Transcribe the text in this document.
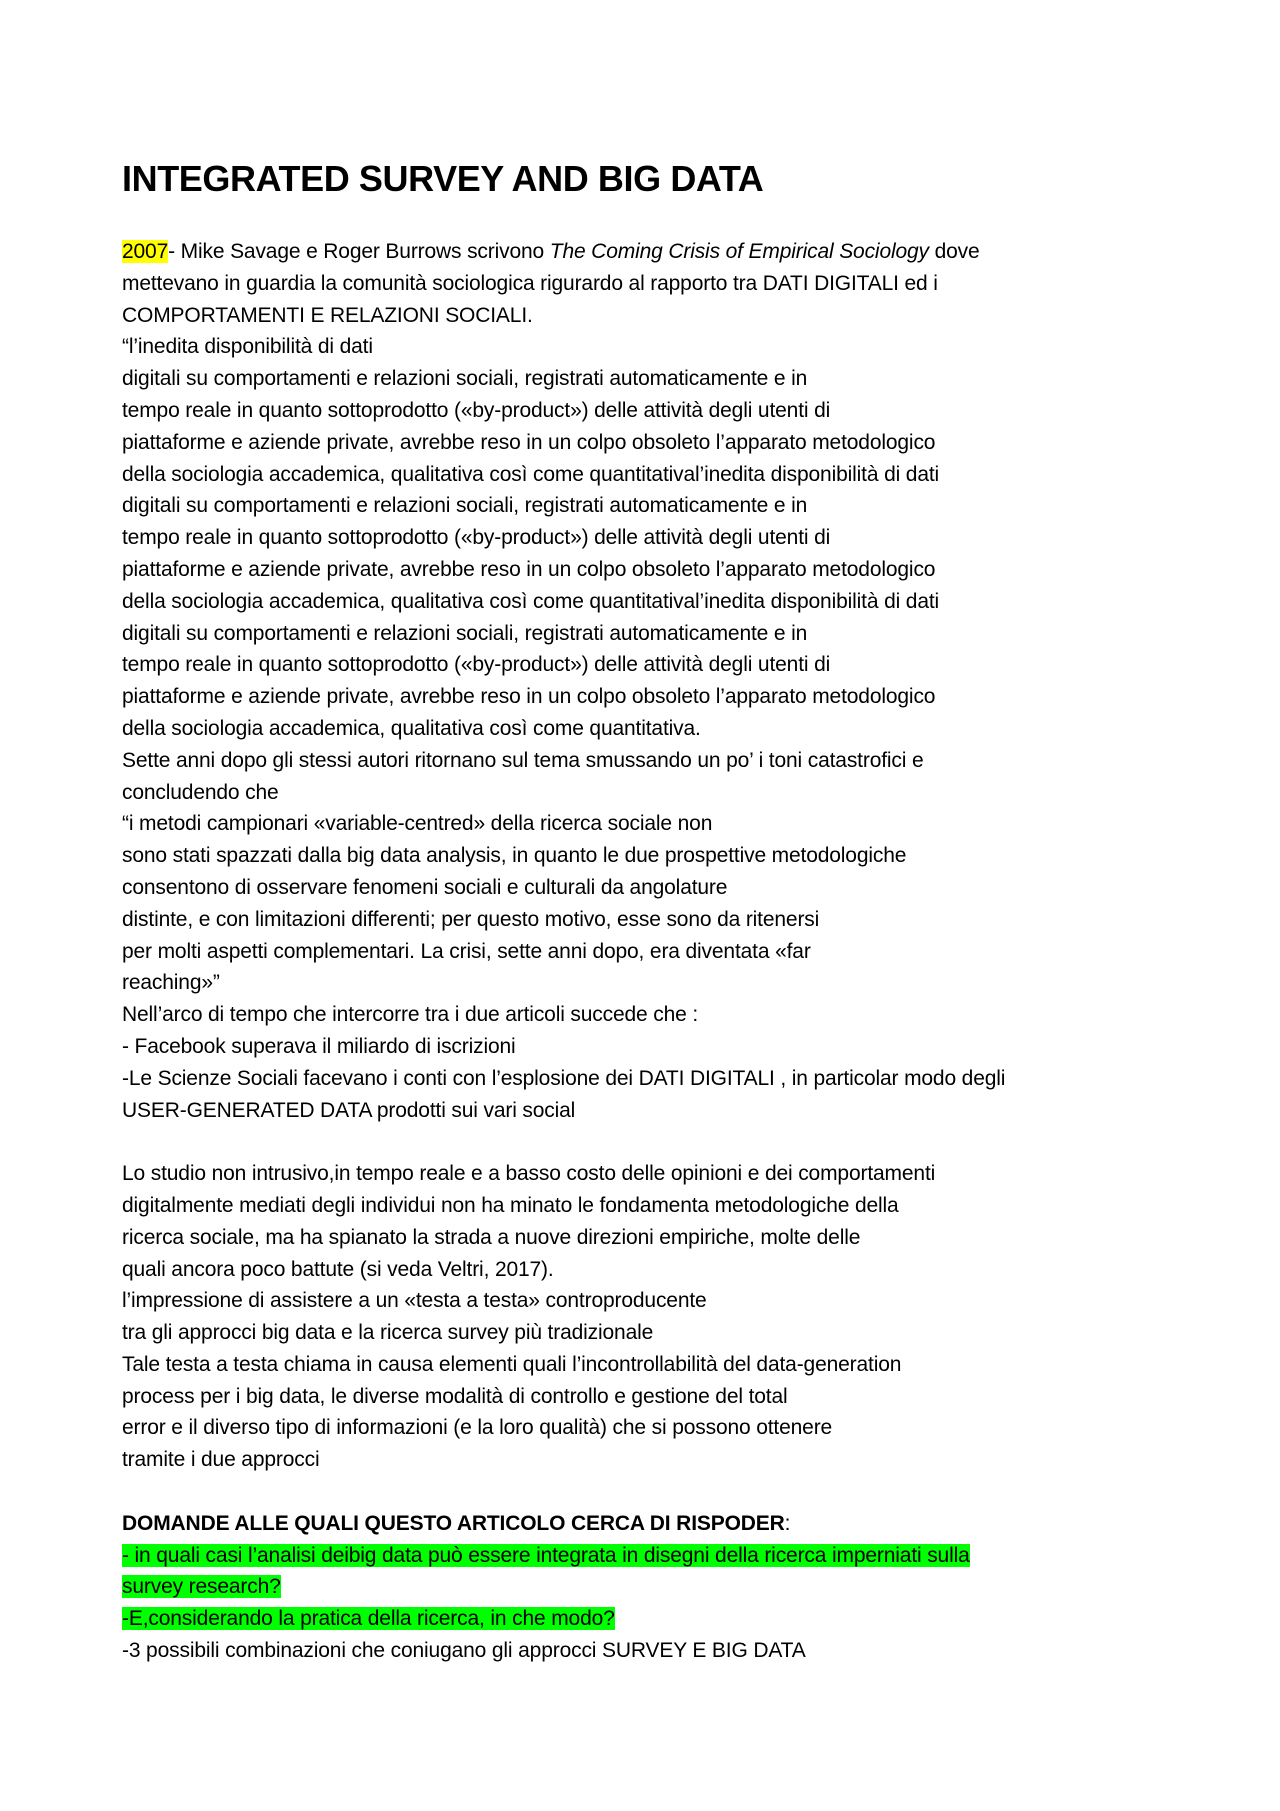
INTEGRATED SURVEY AND BIG DATA
2007- Mike Savage e Roger Burrows scrivono The Coming Crisis of Empirical Sociology dove
mettevano in guardia la comunità sociologica rigurardo al rapporto tra DATI DIGITALI ed i
COMPORTAMENTI E RELAZIONI SOCIALI.
“l’inedita disponibilità di dati
digitali su comportamenti e relazioni sociali, registrati automaticamente e in
tempo reale in quanto sottoprodotto («by-product») delle attività degli utenti di
piattaforme e aziende private, avrebbe reso in un colpo obsoleto l’apparato metodologico
della sociologia accademica, qualitativa così come quantitatival’inedita disponibilità di dati
digitali su comportamenti e relazioni sociali, registrati automaticamente e in
tempo reale in quanto sottoprodotto («by-product») delle attività degli utenti di
piattaforme e aziende private, avrebbe reso in un colpo obsoleto l’apparato metodologico
della sociologia accademica, qualitativa così come quantitatival’inedita disponibilità di dati
digitali su comportamenti e relazioni sociali, registrati automaticamente e in
tempo reale in quanto sottoprodotto («by-product») delle attività degli utenti di
piattaforme e aziende private, avrebbe reso in un colpo obsoleto l’apparato metodologico
della sociologia accademica, qualitativa così come quantitativa.
Sette anni dopo gli stessi autori ritornano sul tema smussando un po’ i toni catastrofici e
concludendo che
“i metodi campionari «variable-centred» della ricerca sociale non
sono stati spazzati dalla big data analysis, in quanto le due prospettive metodologiche
consentono di osservare fenomeni sociali e culturali da angolature
distinte, e con limitazioni differenti; per questo motivo, esse sono da ritenersi
per molti aspetti complementari. La crisi, sette anni dopo, era diventata «far
reaching»”
Nell’arco di tempo che intercorre tra i due articoli succede che :
- Facebook superava il miliardo di iscrizioni
-Le Scienze Sociali facevano i conti con l’esplosione dei DATI DIGITALI , in particolar modo degli
USER-GENERATED DATA prodotti sui vari social
Lo studio non intrusivo,in tempo reale e a basso costo delle opinioni e dei comportamenti
digitalmente mediati degli individui non ha minato le fondamenta metodologiche della
ricerca sociale, ma ha spianato la strada a nuove direzioni empiriche, molte delle
quali ancora poco battute (si veda Veltri, 2017).
l’impressione di assistere a un «testa a testa» controproducente
tra gli approcci big data e la ricerca survey più tradizionale
Tale testa a testa chiama in causa elementi quali l’incontrollabilità del data-generation
process per i big data, le diverse modalità di controllo e gestione del total
error e il diverso tipo di informazioni (e la loro qualità) che si possono ottenere
tramite i due approcci
DOMANDE ALLE QUALI QUESTO ARTICOLO CERCA DI RISPODER:
- in quali casi l’analisi deibig data può essere integrata in disegni della ricerca imperniati sulla
survey research?
-E,considerando la pratica della ricerca, in che modo?
-3 possibili combinazioni che coniugano gli approcci SURVEY E BIG DATA
